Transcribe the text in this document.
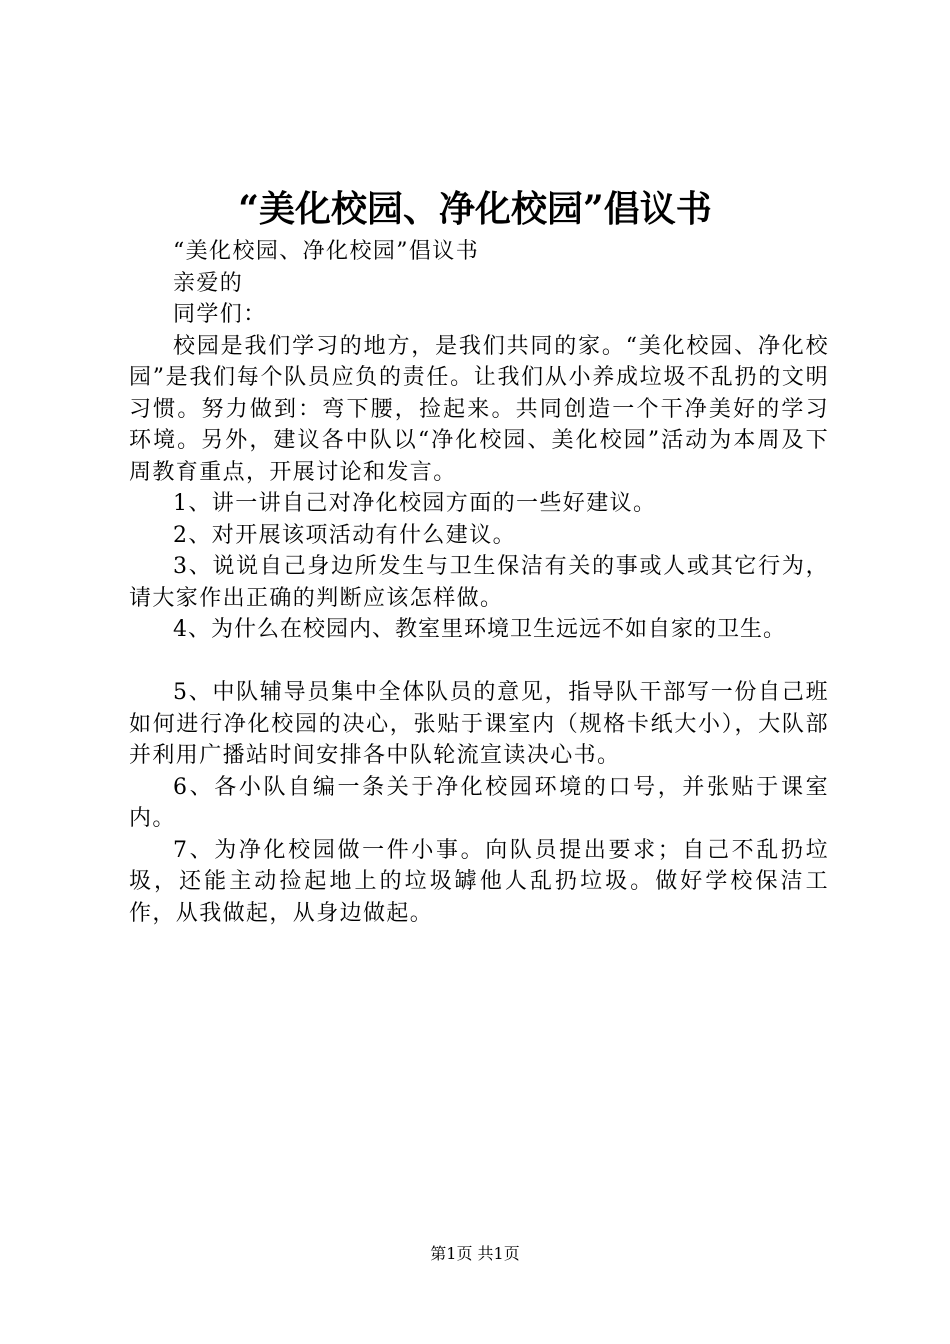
“美化校园、净化校园”倡议书

“美化校园、净化校园”倡议书

亲爱的

同学们：

校园是我们学习的地方，是我们共同的家。“美化校园、净化校园”是我们每个队员应负的责任。让我们从小养成垃圾不乱扔的文明习惯。努力做到：弯下腰，捡起来。共同创造一个干净美好的学习环境。另外，建议各中队以“净化校园、美化校园”活动为本周及下周教育重点，开展讨论和发言。

1、讲一讲自己对净化校园方面的一些好建议。

2、对开展该项活动有什么建议。

3、说说自己身边所发生与卫生保洁有关的事或人或其它行为，请大家作出正确的判断应该怎样做。

4、为什么在校园内、教室里环境卫生远远不如自家的卫生。

5、中队辅导员集中全体队员的意见，指导队干部写一份自己班如何进行净化校园的决心，张贴于课室内（规格卡纸大小），大队部并利用广播站时间安排各中队轮流宣读决心书。

6、各小队自编一条关于净化校园环境的口号，并张贴于课室内。

7、为净化校园做一件小事。向队员提出要求；自己不乱扔垃圾，还能主动捡起地上的垃圾罅他人乱扔垃圾。做好学校保洁工作，从我做起，从身边做起。

第1页 共1页
